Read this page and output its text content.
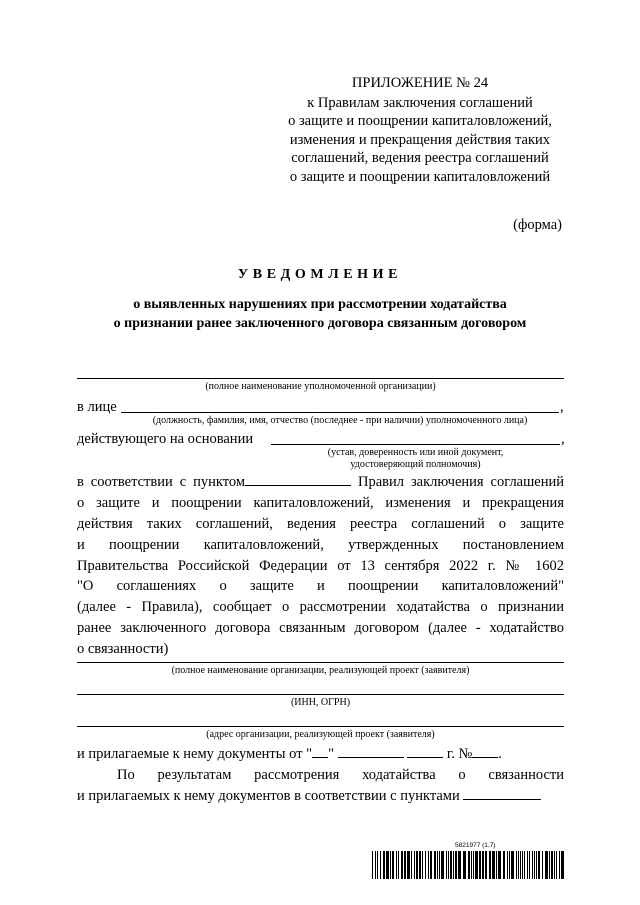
ПРИЛОЖЕНИЕ № 24
к Правилам заключения соглашений
о защите и поощрении капиталовложений,
изменения и прекращения действия таких
соглашений, ведения реестра соглашений
о защите и поощрении капиталовложений
(форма)
УВЕДОМЛЕНИЕ
о выявленных нарушениях при рассмотрении ходатайства
о признании ранее заключенного договора связанным договором
(полное наименование уполномоченной организации)
в лице	,
(должность, фамилия, имя, отчество (последнее - при наличии) уполномоченного лица)
действующего на основании	,
(устав, доверенность или иной документ,
удостоверяющий полномочия)
в соответствии с пунктом	Правил заключения соглашений
о защите и поощрении капиталовложений, изменения и прекращения
действия таких соглашений, ведения реестра соглашений о защите
и поощрении капиталовложений, утвержденных постановлением
Правительства Российской Федерации от 13 сентября 2022 г. № 1602
"О соглашениях о защите и поощрении капиталовложений"
(далее - Правила), сообщает о рассмотрении ходатайства о признании
ранее заключенного договора связанным договором (далее - ходатайство
о связанности)
(полное наименование организации, реализующей проект (заявителя)
(ИНН, ОГРН)
(адрес организации, реализующей проект (заявителя)
и прилагаемые к нему документы от " "	г. № .
По результатам рассмотрения ходатайства о связанности
и прилагаемых к нему документов в соответствии с пунктами
5821977 (1.7)
